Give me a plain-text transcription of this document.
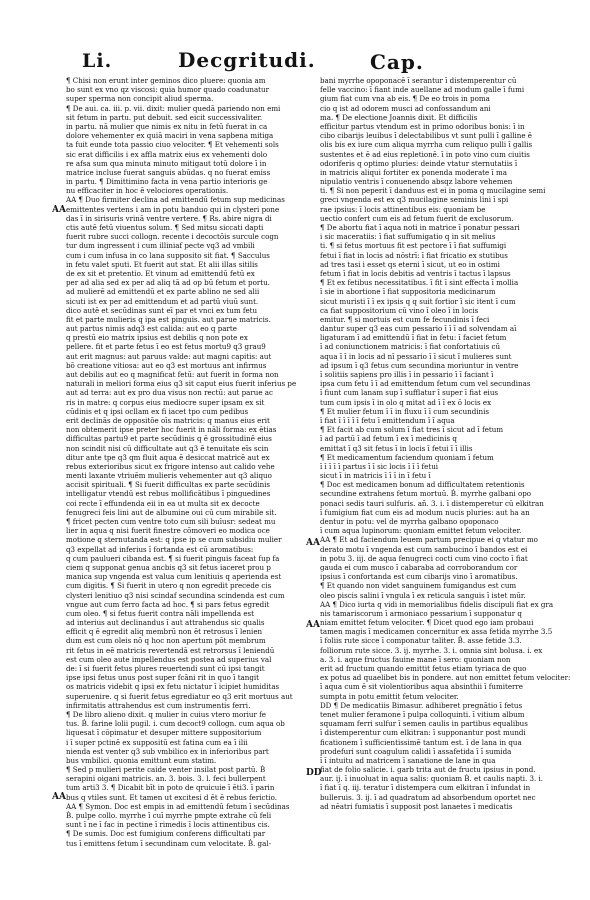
Li.	Decgritudi.	Cap.
¶ Chisi non erunt inter geminos dico pluere: quonia am
bo sunt ex vno qz viscosi: quia humor quado coadunatur
super sperma non concipit aliud sperma.
¶ De aui. ca. iii. p. vii. dixit: mulier quedā pariendo non emi
sit fetum in partu. put debuit. sed eicit successivaliter.
in partu. nā mulier que nimis ex nitu in fetū fuerat in ca
dolore vehementer ex quiā maciri in vena sapbena mitiga
ta fuit eunde tota passio ciuo velociter. ¶ Et vehementi sols
sic erat difficilis i ex affla matrix eius ex vehementi dolo
re afsa sum qua minuta minuto mitigaut totū dolore ī in
matrice incluse fuerat sanguis abūdas. q no fuerat emiss
in partu. ¶ Dimittimino facta in vena partio interioris ge
nu efficaciter in hoc ē velociores operationis.
AA ¶ Duo firmiter declina ad emittendū fetum sup medicinas
emittentes vertens i am in potu banduo qui in clysteri pone
das ī in sirisuris vrinā ventre vertere. ¶ Rs. abire nigra di
ctis autē fetū viuentus solum. ¶ Sed mitsu siccati dapti
fuerit rubre succi collogn. recente i decoctōis surcule cogn
tur dum ingressent i cum illiniaf pecte vq3 ad vmbili
cum i cum infusa in co lana supposito sit fiat. ¶ Sacculus
in fetu valet sputi. Et fuerit aut stat. Et alii illas sitilis
de ex sit et pretentio. Et vinum ad emittendū fetū ex
per ad alia sed ex per ad aliq tā ad op bū fetum et portu.
ad mulierē ad emittendū et ex parte ablino ne sed alii
sicuti ist ex per ad emittendum et ad partū viuū sunt.
dico autē et secūdinas sunt eī par et vnci ex tum fetu
fit et parte mulieris q ipa est pinguis. aut parue matricis.
aut partus nimis adq3 est calida: aut eo q parte
q prestū eio matrix ipsius est debilis q non pote ex
pellere. fit et parte fetus ī eo est fetus mortu9 q3 grau9
aut erit magnus: aut paruus valde: aut magni capitis: aut
bō creatione vitiosa: aut eo q3 est mortuus ant infirmus
aut debilis aut eo q magnificat fetū: aut fuerit in forma non
naturali in meliori forma eius q3 sit caput eius fuerit inferius pe
aut ad terra: aut ex pro dua visus non rectū: aut parue ac
ris in matre: q corpus eius mediocre super ipsam ex sit
cūdinis et q ipsi ocllam ex fi iacet tpo cum pedibus
erit declinās de oppositōe oīs matricis: q manus eius erit
non obtemerit ipse preter hoc fuerit in nāli forma: ex ētias
difficultas partu9 et parte secūdinis q ē grossitudinē eius
non scindit nisi cū difficultate aut q3 ē tenuitate eīs scin
ditur ante tpe q3 qm fluit aqua ē desiccat matricē aut ex
rebus exterioribus sicut ex frigore intenso aut calido vehe
menti laxante vtriuēm mulieris vehementer aut q3 aliquo
accisit spirituali. ¶ Si fuerit difficultas ex parte secūdinis
intelligatur vtendū est rebus mollificātibus ī pinguedines
coi recte ī effundenda eii in ea ut multa sit ex decocte
fenugreci feis lini aut de albumine oui cū cum mirabile sit.
¶ fricet pecten cum ventre toto cum sili buīusr: sedeat mu
lier in aqua q nisi fuerit finestre cōmoveri eo modica oce
motione q sternutanda est: q ipse ip se cum subsidiu mulier
q3 expellat ad inferius ī fortanda est cū aromatibus:
q cum paulueri cibanda est. ¶ si fuerit pinguis faceat fup fa
ciem q supponat genua ancbis q3 sit fetus iaceret prou p
manica sup vngenda est valua cum lenitiuis q aperienda est
cum digitis. ¶ Si fuerit in utero q non egredit precede cis
clysteri lenitiuo q3 nisi scindaf secundina scindenda est cum
vngue aut cum ferro facta ad hoc. ¶ si pars fetus egredit
cum oleo. ¶ si fetus fuerit contra nāli impellenda est
ad interius aut declinandus ī aut attrahendus sic qualis
efficit q ē egredit aliq membrū non ēt retrosus ī lenien
dum est cum oleis nō q hoc non apertum pōt membrum
rit fetus in eē matricis revertendā est retrorsus ī leniendū
est cum oleo aute impellendus est postea ad superius val
de: ī si fuerit fetus plures reuertendi sunt cū ipsi tangit
ipse ipsi fetus unus post super fcāni rit in quo ī tangit
os matricis videbit q ipsi ex fetu nictatur ī icipiet humiditas
superuenire. q si fuerit fetus egrediatur eo q3 erit mortuus aut
infirmitatis attrahendus est cum instrumentis ferri.
¶ De libro alieno dixit. q mulier in cuius vtero moriur fe
tus. Ḃ. farine lolii pugil. i. cum decoct9 collogn. cum aqua ob
liquesat ī cōpimatur et desuper mittere suppositorium
i ī super pctinē ex suppositū est fatina cum ea ī ilii
nienda est venter q3 sub vmbilico ex in inferioribus part
bus vmbilici. quonia emittunt eum statim.
¶ Sed p mulieri perite caide venter insilat post partū. Ḃ
serapini oigani matricis. an. 3. bois. 3. l. feci bullerpent
tum arti3 3. ¶ Dicabit bīt in poto de qruicuie ī ēti3. ī parin
bus q vtiles sunt. Et tamen ut excitesi d ēt ē rebus ferictio.
AA ¶ Symon. Doc est empis in ad emittendū fetum ī secūdinas
Ḃ. pulpe collo. myrrhe ī cuī myrrhe pmpte extrahe cū feli
sunt ī ne ī fac in pectine ī rimedis ī locis attinentibus cis.
¶ De sumis. Doc est fumigium conferens difficultati par
tus ī emittens fetum ī secundinam cum velocitate. Ḃ. gal-
bani myrrhe opoponacē ī serantur ī distemperentur cū
felle vaccino: ī fiant inde auellane ad modum galle ī fumi
gium fiat cum vna ab eis. ¶ De eo trois in poma
cio q ist ad odorem musci ad confossandum ani
ma. ¶ De electione Joannis dixit. Et difficilis
efficitur partus vtendum est in primo odoribus bonis: ī in
cibo cibarijs leuibus ī delectabilibus vt sunt pulli ī galline ē
olis bis ex iure cum aliqua myrrha cum reliquo pulli ī gallis
sustentes et ē ad eius repletionē. ī in poto vino cum ciuitis
odoriferis q optimo pluries: deinde vtatur sternutatiis ī
in matricis aliqui fortiter ex ponenda moderate ī ma
nipulatio ventris ī conuenendo absqz labore vehemen
ti. ¶ Si non peperit ī danduus est ei in poma q mucilagine semi
greci vngenda est ex q3 mucilagine seminis lini ī spi
rae ipsius: ī locis attinentibus eis: quoniam be
uectio confert cum eis ad fetum fuerit de exclusorum.
¶ De abortu fiat ī aqua noti in matrice ī ponatur pessari
i sic maceratiis: ī fiat suffumigatio q in sit melius
ti. ¶ si fetus mortuus fit est pectore ī ī fiat suffumigi
fetui ī fiat in locis ad nōstrī: ī fiat fricatio ex stutibus
ad tres tasi i esset qs eterni ī sicut, ut eo in ostimi
fetum ī fiat in locis debitis ad ventris ī tactus ī lapsus
¶ Et ex fetibus necessitatibus. ī fit ī sint effecta ī mollia
ī sie in abortione ī fiat suppositoria medicinarum
sicut muristi ī ī ex ipsis q q suit fortior ī sic itent ī cum
ca fiat suppositorium cū vino ī oleo ī in locis
emitur. ¶ si mortuis est cum fe fecundinis ī feci
dantur super q3 eas cum pessario ī ī ī ad solvendam aī
ligaturam ī ad emittendū ī fiat in fetu: ī faciet fetum
ī ad coniunctionem matricis: ī fiat confortatiuis cū
aqua ī ī in locis ad nī pessario ī ī sicut ī mulieres sunt
ad ipsum ī q3 fetus cum secundina moriuntur in ventre
ī solitiis sapiens pro illis ī in pessario ī ī faciant ī
ipsa cum fetu ī ī ad emittendum fetum cum vel secundinas
ī fiunt cum lanam sup ī sufflatur ī super ī fiat eius
tum cum ipsis ī in olo q mitat ad ī ī ex ō locis ex
¶ Et mulier fetum ī ī in fluxu ī ī cum secundinis
ī fiat ī ī ī ī ī fetu ī emittendum ī ī aqua
¶ Et facit ab cum solum ī fiat tres ī sicut ad ī fetum
ī ad partū ī ad fetum ī ex ī medicinis q
emittat ī q3 sit fetus ī in locis ī fetui ī ī illis
¶ Et medicamentum faciendum quoniam ī fetum
ī ī ī ī ī partus ī ī sic locis ī ī ī fetui
sicut ī in matricis ī ī ī in ī fetu ī
¶ Doc est medicamen bonum ad difficultatem retentionis
secundine extrahens fetum mortuū. Ḃ. myrrhe galbani opo
ponaci sedis tauri sulfuris. añ. 3. i. ī distemperetur cū elkitran
ī fumigium fiat cum eis ad modum nucis pluries: aut ha an
dentur in potu: vel de myrrha galbano opoponaco
ī cum aqua lupinorum: quoniam emittet fetum velociter.
AA ¶ Et ad faciendum leuem partum precipue ei q vtatur mo
derato motu ī vngenda est cum sambucino ī bandos est ei
in potu 3. iij. de aqua fenugreci cocti cum vino cocto ī fiat
gauda ei cum musco ī cabaraba ad corroborandum cor
ipsius ī confortanda est cum cibarijs vino ī aromatibus.
¶ Et quando non videt sanguinem fumigandus est cum
oleo piscis salini ī vngula ī ex reticula sanguis ī istet mūr.
AA ¶ Dico iurta q vidi in memorialibus fidelis discipuli fiat ex gra
nis tamariscorum ī armoniaco pessarium ī supponatur q
niam emittet fetum velociter. ¶ Dicet quod ego iam probaui
tamen magis ī medicamen concernitur ex assa fetida myrrhe 3.5
ī foliis rute sicce ī componatur taliter. Ḃ. asse fetide 3.3.
folliorum rute sicce. 3. ij. myrrhe. 3. i. omnia sint bolusa. i. ex
a. 3. i. aque fructus fauine mane ī sero: quoniam non
erit ad fructum quando emittit fetus etiam tyriaca de quo
ex potus ad quaelibet bis in pondere. aut non emittet fetum velociter:
ī aqua cum ē sit violentioribus aqua absinthii ī fumiterre
sumpta in potu emittit fetum velociter.
DD ¶ De medicatiis Bimasur. adhiberet pregnātio ī fetus
tenet mulier feramone ī pulpa colloquinti. ī vitium album
squamam ferri sulfur ī semen caulis in partibus equalibus
ī distemperentur cum elkitran: ī supponantur post mundi
ficationem ī sufficientissimē tantum est. ī de lana in qua
prodefuri sunt coagulum calidi ī assafetida ī ī sumida
ī ī intuitu ad matricem ī sanatione de lane in qua
fiat de folio salicie. i. garb trita aut de fructu ipsius in pond.
aur. ij. ī inuoluat in aqua salis: quoniam Ḃ. et caulis napti. 3. i.
ī fiat ī q. iij. teratur ī distempera cum elkitran ī infundat in
bulleruis. 3. ij. ī ad quadratum ad absorbendum oportet nec
ad nēatri fumiatis ī supposit post lanaetes ī medicatis
AA
AA
AA
AA
DD
